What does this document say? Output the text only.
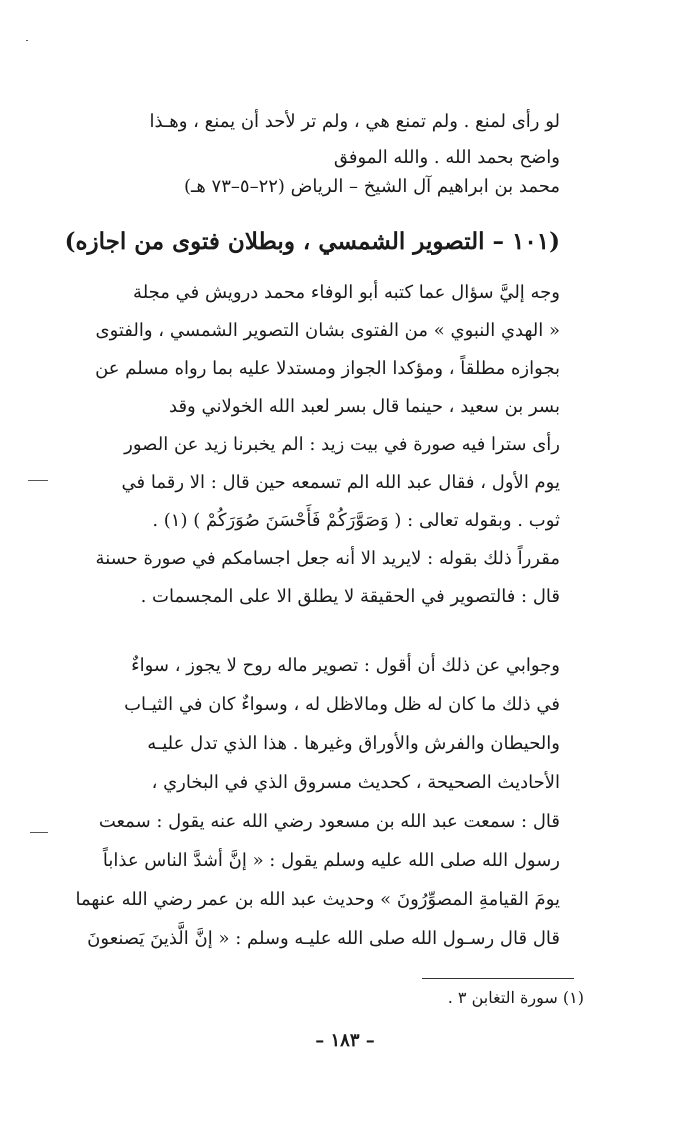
لو رأى لمنع . ولم تمنع هي ، ولم تر لأحد أن يمنع ، وهـذا
واضح بحمد الله . والله الموفق
محمد بن ابراهيم آل الشيخ – الرياض (٢٢–٥–٧٣ هـ)
(١٠١ – التصوير الشمسي ، وبطلان فتوى من اجازه)
وجه إليَّ سؤال عما كتبه أبو الوفاء محمد درويش في مجلة
« الهدي النبوي » من الفتوى بشان التصوير الشمسي ، والفتوى
بجوازه مطلقاً ، ومؤكدا الجواز ومستدلا عليه بما رواه مسلم عن
بسر بن سعيد ، حينما قال بسر لعبد الله الخولاني وقد
رأى سترا فيه صورة في بيت زيد : الم يخبرنا زيد عن الصور
يوم الأول ، فقال عبد الله الم تسمعه حين قال : الا رقما في
ثوب . وبقوله تعالى : ( وَصَوَّرَكُمْ فَأَحْسَنَ صُوَرَكُمْ ) (١) .
مقرراً ذلك بقوله : لايريد الا أنه جعل اجسامكم في صورة حسنة
قال : فالتصوير في الحقيقة لا يطلق الا على المجسمات .
وجوابي عن ذلك أن أقول : تصوير ماله روح لا يجوز ، سواءٌ
في ذلك ما كان له ظل ومالاظل له ، وسواءٌ كان في الثيـاب
والحيطان والفرش والأوراق وغيرها . هذا الذي تدل عليـه
الأحاديث الصحيحة ، كحديث مسروق الذي في البخاري ،
قال : سمعت عبد الله بن مسعود رضي الله عنه يقول : سمعت
رسول الله صلى الله عليه وسلم يقول : « إنَّ أشدَّ الناس عذاباً
يومَ القيامةِ المصوِّرُونَ » وحديث عبد الله بن عمر رضي الله عنهما
قال قال رسـول الله صلى الله عليـه وسلم : « إنَّ الَّذينَ يَصنعونَ
(١) سورة التغابن ٣ .
– ١٨٣ –
